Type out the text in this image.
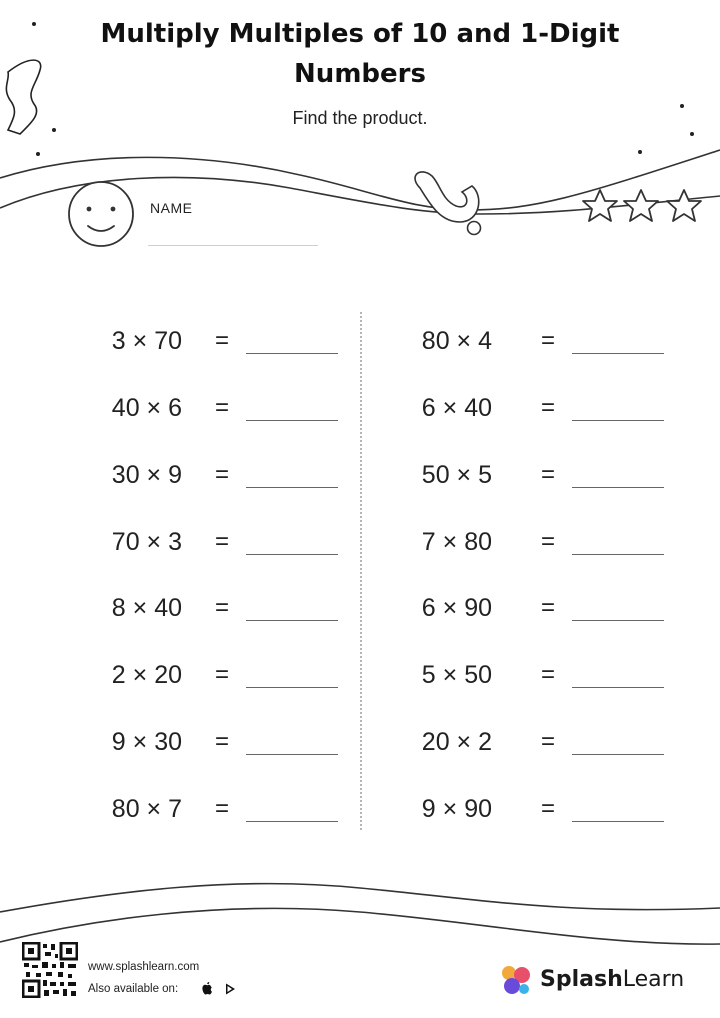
Multiply Multiples of 10 and 1-Digit Numbers
Find the product.
NAME
3 × 70 =
40 × 6 =
30 × 9 =
70 × 3 =
8 × 40 =
2 × 20 =
9 × 30 =
80 × 7 =
80 × 4 =
6 × 40 =
50 × 5 =
7 × 80 =
6 × 90 =
5 × 50 =
20 × 2 =
9 × 90 =
www.splashlearn.com
Also available on:	SplashLearn
